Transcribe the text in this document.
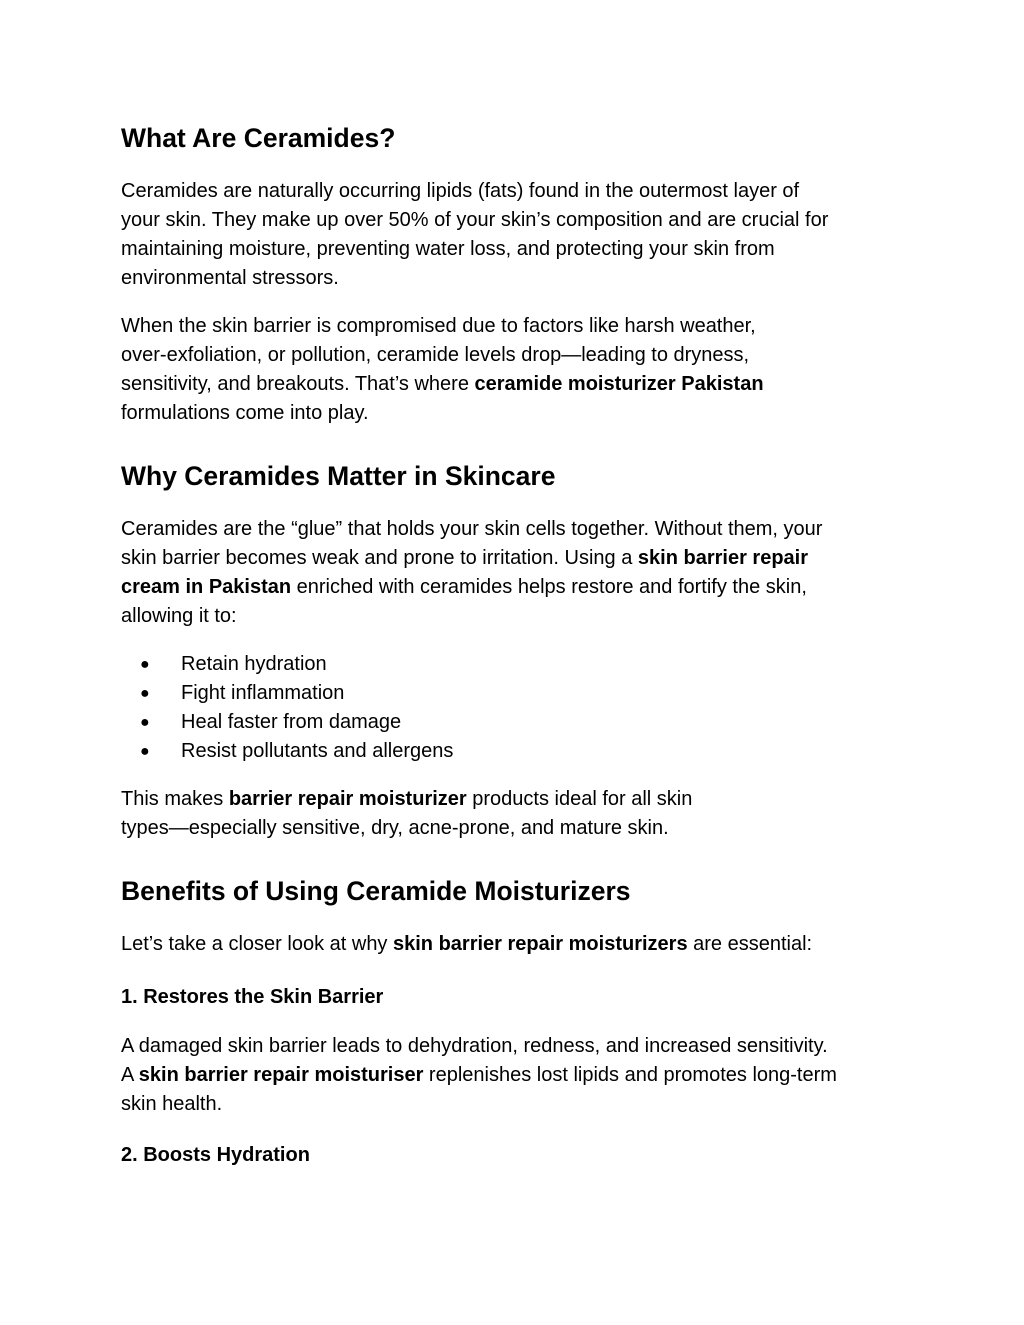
What Are Ceramides?

Ceramides are naturally occurring lipids (fats) found in the outermost layer of
your skin. They make up over 50% of your skin’s composition and are crucial for
maintaining moisture, preventing water loss, and protecting your skin from
environmental stressors.

When the skin barrier is compromised due to factors like harsh weather,
over-exfoliation, or pollution, ceramide levels drop—leading to dryness,
sensitivity, and breakouts. That’s where ceramide moisturizer Pakistan
formulations come into play.

Why Ceramides Matter in Skincare

Ceramides are the “glue” that holds your skin cells together. Without them, your
skin barrier becomes weak and prone to irritation. Using a skin barrier repair
cream in Pakistan enriched with ceramides helps restore and fortify the skin,
allowing it to:

● Retain hydration
● Fight inflammation
● Heal faster from damage
● Resist pollutants and allergens

This makes barrier repair moisturizer products ideal for all skin
types—especially sensitive, dry, acne-prone, and mature skin.

Benefits of Using Ceramide Moisturizers

Let’s take a closer look at why skin barrier repair moisturizers are essential:

1. Restores the Skin Barrier

A damaged skin barrier leads to dehydration, redness, and increased sensitivity.
A skin barrier repair moisturiser replenishes lost lipids and promotes long-term
skin health.

2. Boosts Hydration
